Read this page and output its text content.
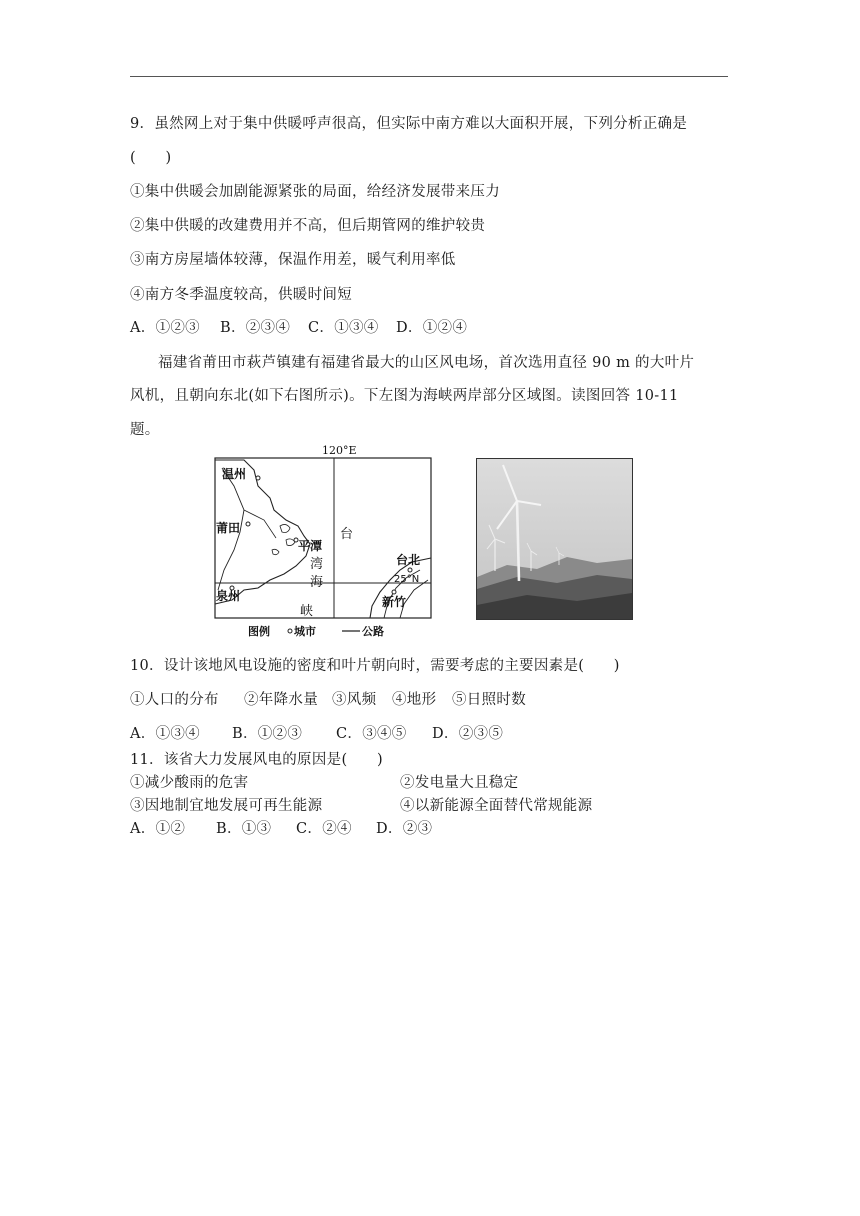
9．虽然网上对于集中供暖呼声很高，但实际中南方难以大面积开展，下列分析正确是
(　　)
①集中供暖会加剧能源紧张的局面，给经济发展带来压力
②集中供暖的改建费用并不高，但后期管网的维护较贵
③南方房屋墙体较薄，保温作用差，暖气利用率低
④南方冬季温度较高，供暖时间短
A．①②③ B．②③④ C．①③④ D．①②④
福建省莆田市萩芦镇建有福建省最大的山区风电场，首次选用直径 90 m 的大叶片
风机，且朝向东北(如下右图所示)。下左图为海峡两岸部分区域图。读图回答 10-11
题。
120°E
温州
莆田
平潭
泉州
台北
新竹
台
湾
海
峡
25°N
图例 城市	公路
10．设计该地风电设施的密度和叶片朝向时，需要考虑的主要因素是(　　)
①人口的分布 ②年降水量 ③风频 ④地形 ⑤日照时数
A．①③④ B．①②③ C．③④⑤ D．②③⑤
11．该省大力发展风电的原因是(　　)
①减少酸雨的危害	②发电量大且稳定
③因地制宜地发展可再生能源	④以新能源全面替代常规能源
A．①② B．①③ C．②④ D．②③
